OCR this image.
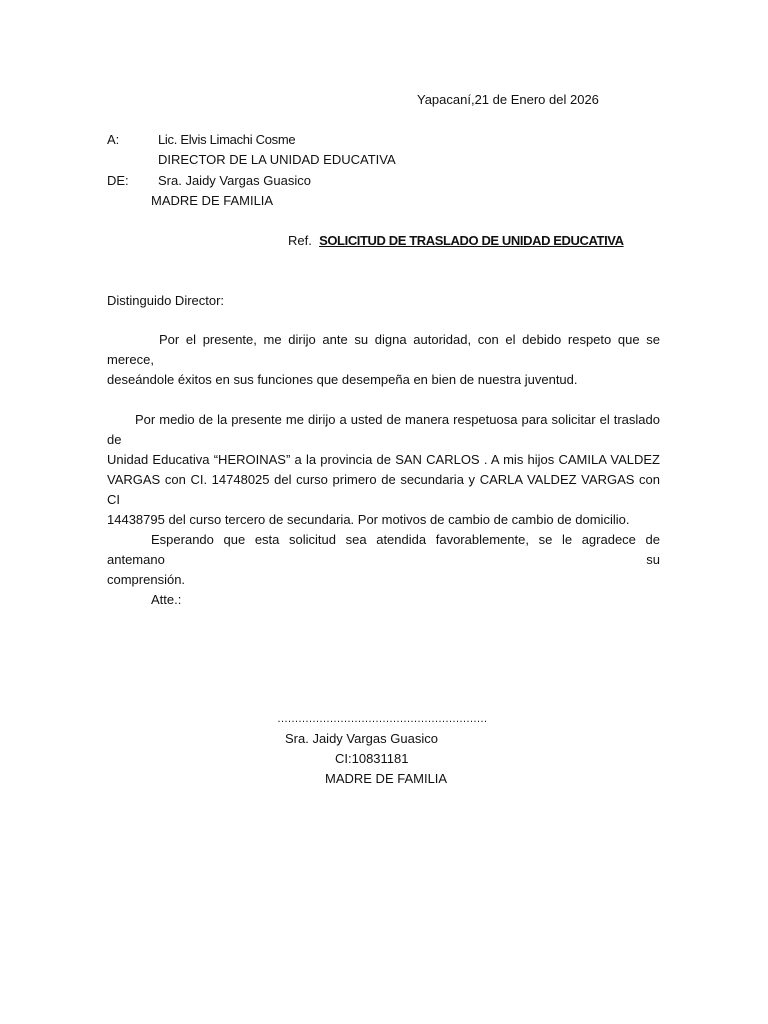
Yapacaní,21 de Enero del 2026
A:	Lic. Elvis Limachi Cosme
DIRECTOR DE LA UNIDAD EDUCATIVA
DE: Sra. Jaidy Vargas Guasico
MADRE DE FAMILIA
Ref. SOLICITUD DE TRASLADO DE UNIDAD EDUCATIVA
Distinguido Director:
Por el presente, me dirijo ante su digna autoridad, con el debido respeto que se merece,
deseándole éxitos en sus funciones que desempeña en bien de nuestra juventud.
Por medio de la presente me dirijo a usted de manera respetuosa para solicitar el traslado de
Unidad Educativa “HEROINAS” a la provincia de SAN CARLOS . A mis hijos CAMILA VALDEZ
VARGAS con CI. 14748025 del curso primero de secundaria y CARLA VALDEZ VARGAS con CI
14438795 del curso tercero de secundaria. Por motivos de cambio de cambio de domicilio.
Esperando que esta solicitud sea atendida favorablemente, se le agradece de antemano su
comprensión.
Atte.:
……………………………………………………
Sra. Jaidy Vargas Guasico
CI:10831181
MADRE DE FAMILIA
